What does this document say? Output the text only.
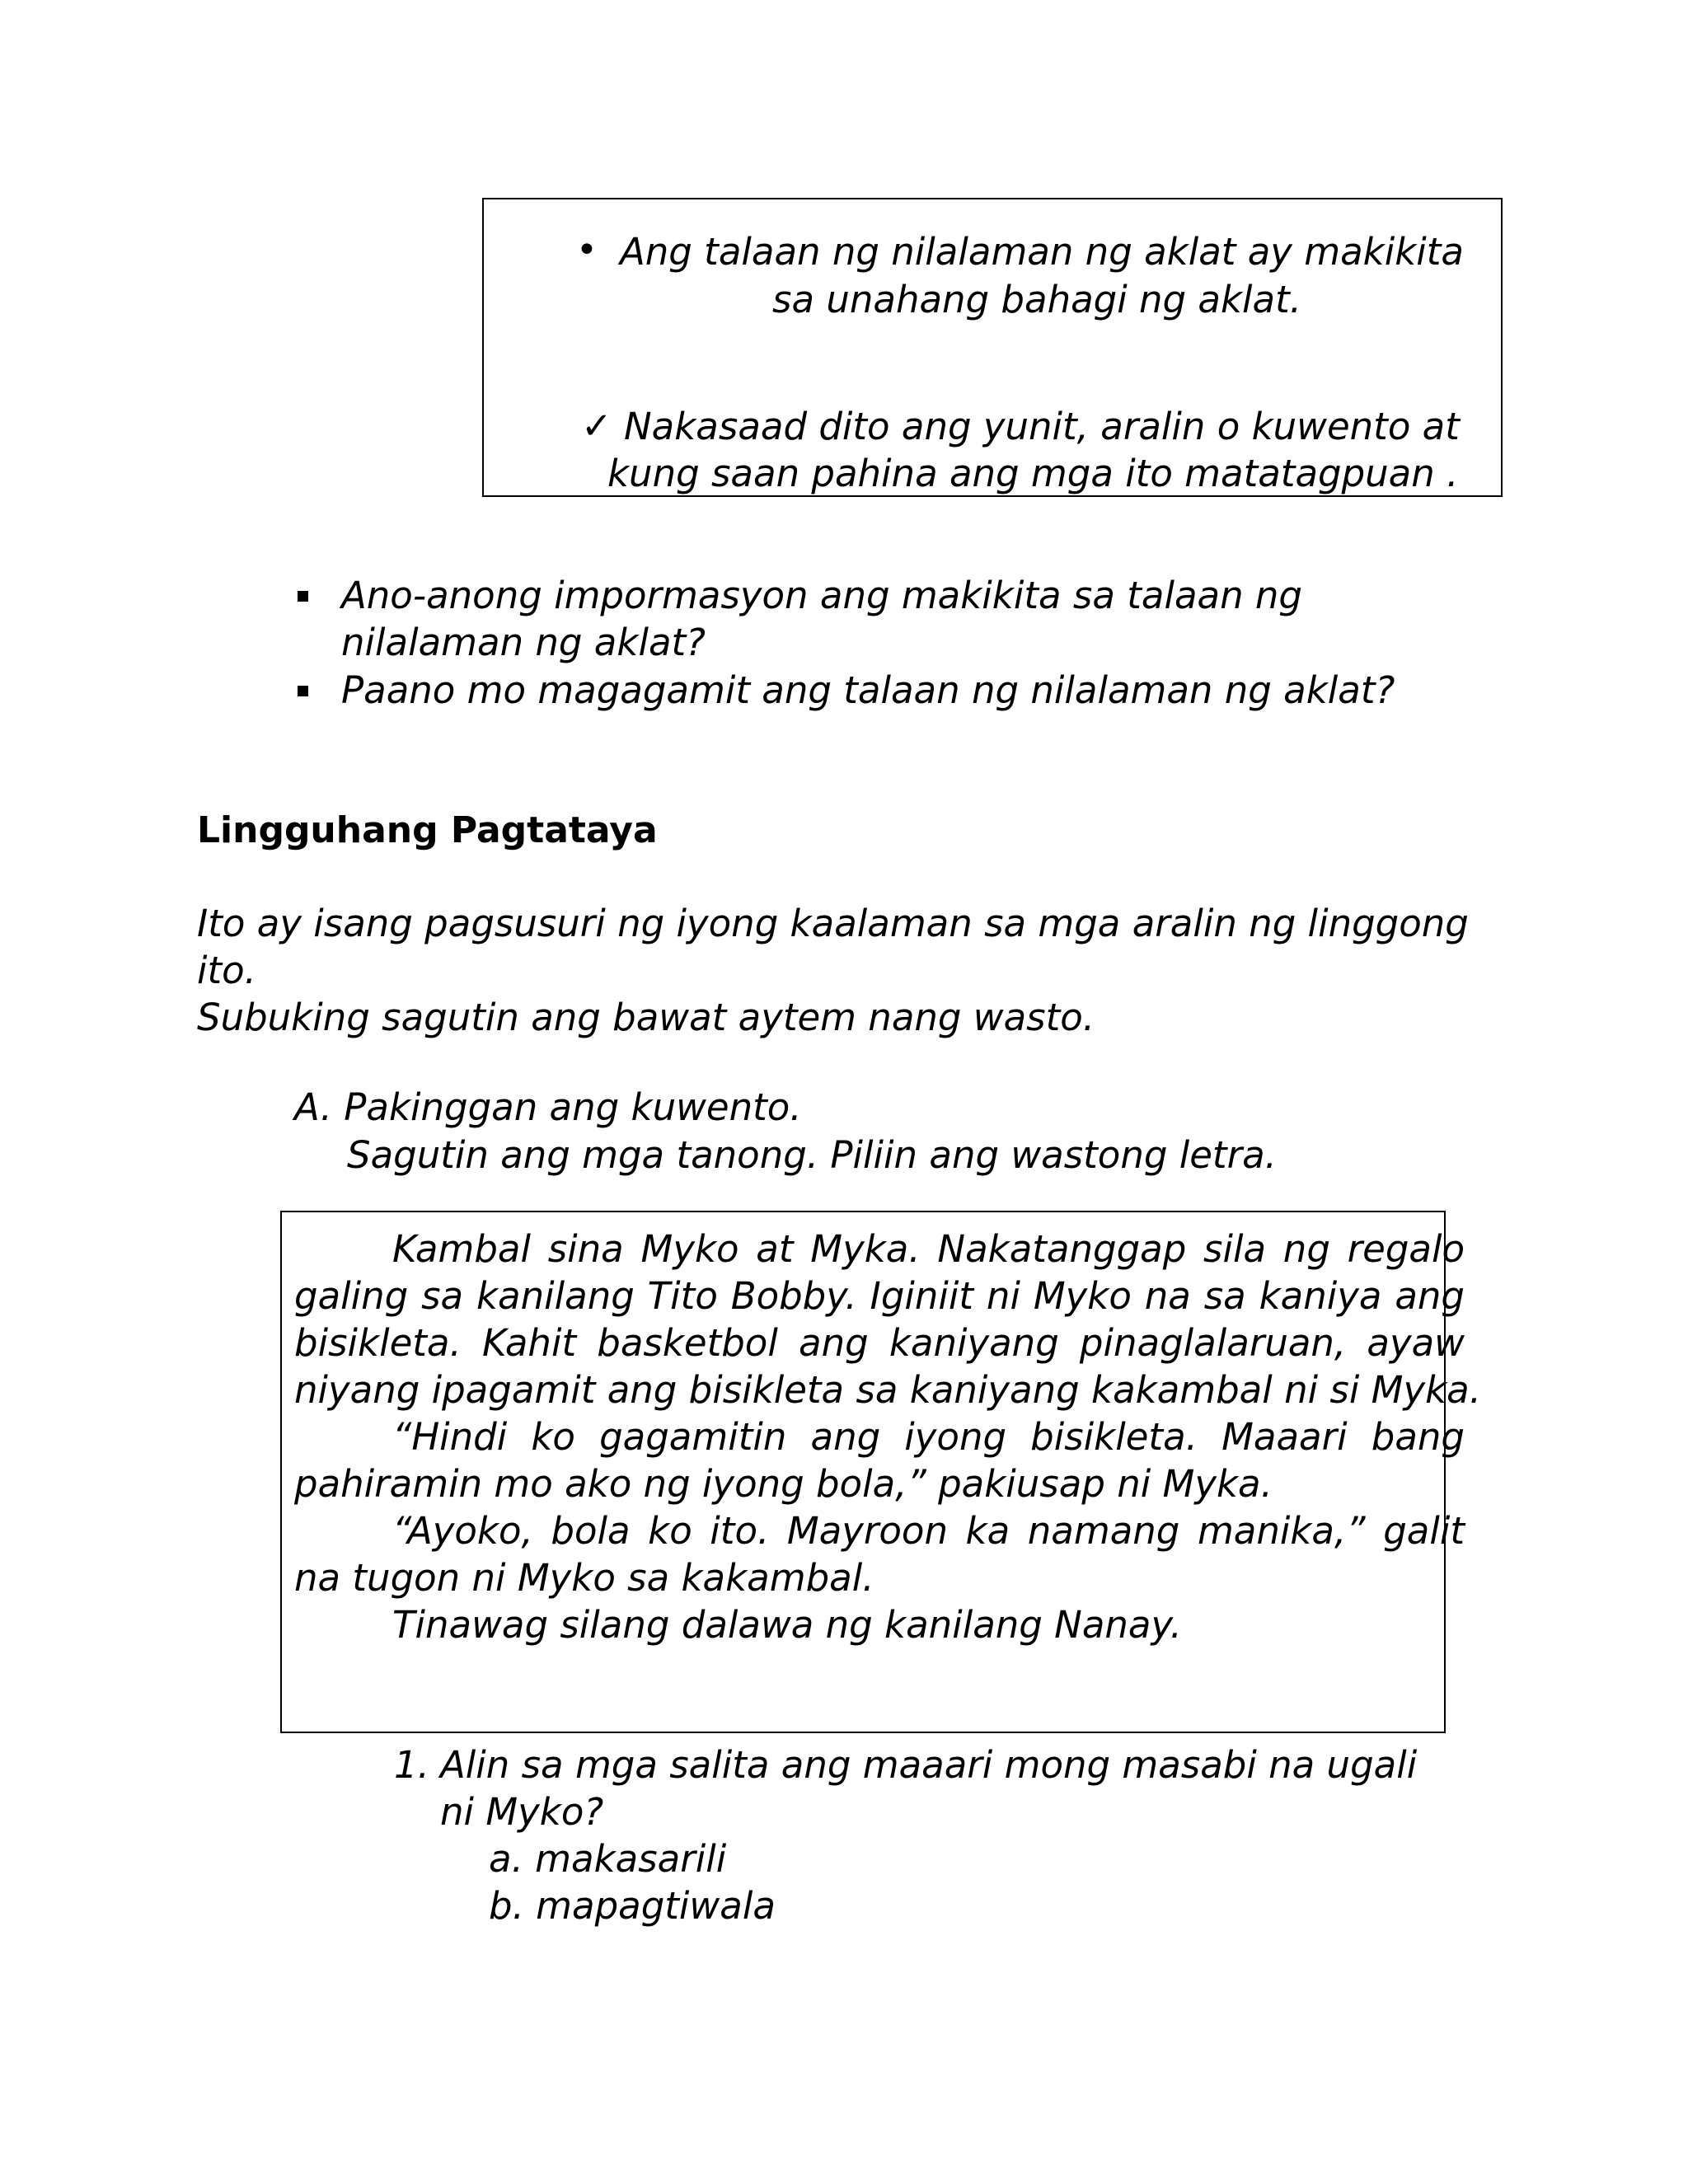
• Ang talaan ng nilalaman ng aklat ay makikita
sa unahang bahagi ng aklat.
✓ Nakasaad dito ang yunit, aralin o kuwento at
kung saan pahina ang mga ito matatagpuan .
Ano-anong impormasyon ang makikita sa talaan ng
nilalaman ng aklat?
Paano mo magagamit ang talaan ng nilalaman ng aklat?
Lingguhang Pagtataya
Ito ay isang pagsusuri ng iyong kaalaman sa mga aralin ng linggong
ito.
Subuking sagutin ang bawat aytem nang wasto.
A. Pakinggan ang kuwento.
Sagutin ang mga tanong. Piliin ang wastong letra.
Kambal sina Myko at Myka. Nakatanggap sila ng regalo
galing sa kanilang Tito Bobby. Iginiit ni Myko na sa kaniya ang
bisikleta. Kahit basketbol ang kaniyang pinaglalaruan, ayaw
niyang ipagamit ang bisikleta sa kaniyang kakambal ni si Myka.
“Hindi ko gagamitin ang iyong bisikleta. Maaari bang
pahiramin mo ako ng iyong bola,” pakiusap ni Myka.
“Ayoko, bola ko ito. Mayroon ka namang manika,” galit
na tugon ni Myko sa kakambal.
Tinawag silang dalawa ng kanilang Nanay.
1. Alin sa mga salita ang maaari mong masabi na ugali
ni Myko?
a. makasarili
b. mapagtiwala
